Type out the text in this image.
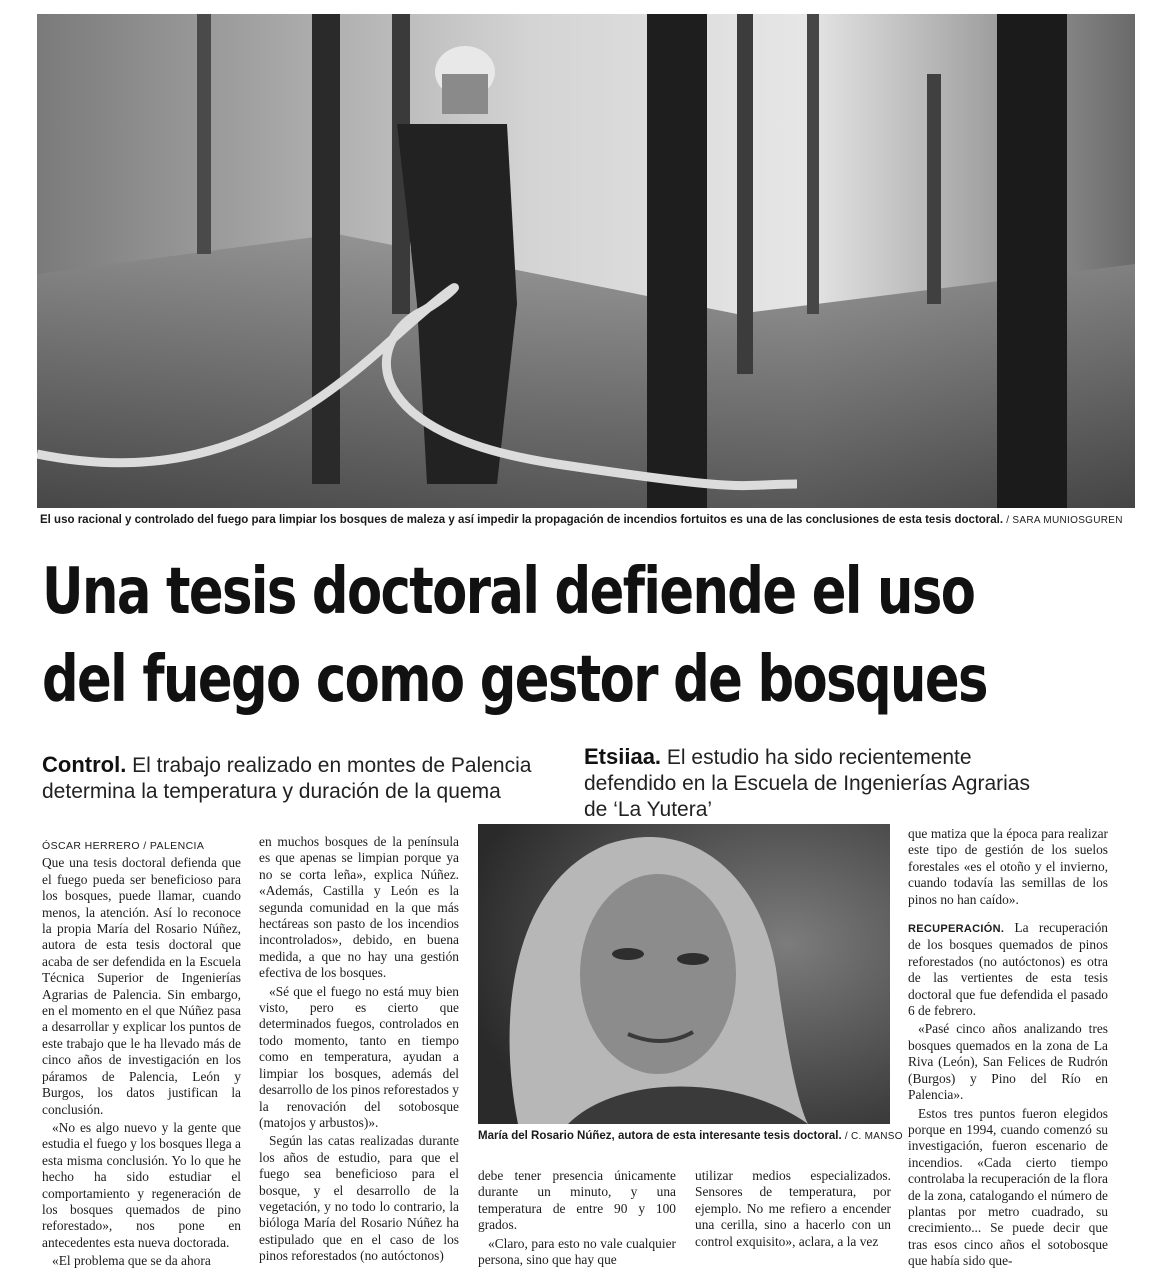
El uso racional y controlado del fuego para limpiar los bosques de maleza y así impedir la propagación de incendios fortuitos es una de las conclusiones de esta tesis doctoral. / SARA MUNIOSGUREN
Una tesis doctoral defiende el uso
del fuego como gestor de bosques
Control. El trabajo realizado en montes de Palencia determina la temperatura y duración de la quema
Etsiiaa. El estudio ha sido recientemente defendido en la Escuela de Ingenierías Agrarias de ‘La Yutera’
ÓSCAR HERRERO / PALENCIA

Que una tesis doctoral defienda que el fuego pueda ser beneficioso para los bosques, puede llamar, cuando menos, la atención. Así lo reconoce la propia María del Rosario Núñez, autora de esta tesis doctoral que acaba de ser defendida en la Escuela Técnica Superior de Ingenierías Agrarias de Palencia. Sin embargo, en el momento en el que Núñez pasa a desarrollar y explicar los puntos de este trabajo que le ha llevado más de cinco años de investigación en los páramos de Palencia, León y Burgos, los datos justifican la conclusión.

«No es algo nuevo y la gente que estudia el fuego y los bosques llega a esta misma conclusión. Yo lo que he hecho ha sido estudiar el comportamiento y regeneración de los bosques quemados de pino reforestado», nos pone en antecedentes esta nueva doctorada.

«El problema que se da ahora

en muchos bosques de la península es que apenas se limpian porque ya no se corta leña», explica Núñez. «Además, Castilla y León es la segunda comunidad en la que más hectáreas son pasto de los incendios incontrolados», debido, en buena medida, a que no hay una gestión efectiva de los bosques.

«Sé que el fuego no está muy bien visto, pero es cierto que determinados fuegos, controlados en todo momento, tanto en tiempo como en temperatura, ayudan a limpiar los bosques, además del desarrollo de los pinos reforestados y la renovación del sotobosque (matojos y arbustos)».

Según las catas realizadas durante los años de estudio, para que el fuego sea beneficioso para el bosque, y el desarrollo de la vegetación, y no todo lo contrario, la bióloga María del Rosario Núñez ha estipulado que en el caso de los pinos reforestados (no autóctonos)

María del Rosario Núñez, autora de esta interesante tesis doctoral. / C. MANSO

debe tener presencia únicamente durante un minuto, y una temperatura de entre 90 y 100 grados.

«Claro, para esto no vale cualquier persona, sino que hay que

utilizar medios especializados. Sensores de temperatura, por ejemplo. No me refiero a encender una cerilla, sino a hacerlo con un control exquisito», aclara, a la vez

que matiza que la época para realizar este tipo de gestión de los suelos forestales «es el otoño y el invierno, cuando todavía las semillas de los pinos no han caído».

RECUPERACIÓN. La recuperación de los bosques quemados de pinos reforestados (no autóctonos) es otra de las vertientes de esta tesis doctoral que fue defendida el pasado 6 de febrero.

«Pasé cinco años analizando tres bosques quemados en la zona de La Riva (León), San Felices de Rudrón (Burgos) y Pino del Río en Palencia».

Estos tres puntos fueron elegidos porque en 1994, cuando comenzó su investigación, fueron escenario de incendios. «Cada cierto tiempo controlaba la recuperación de la flora de la zona, catalogando el número de plantas por metro cuadrado, su crecimiento... Se puede decir que tras esos cinco años el sotobosque que había sido que-
